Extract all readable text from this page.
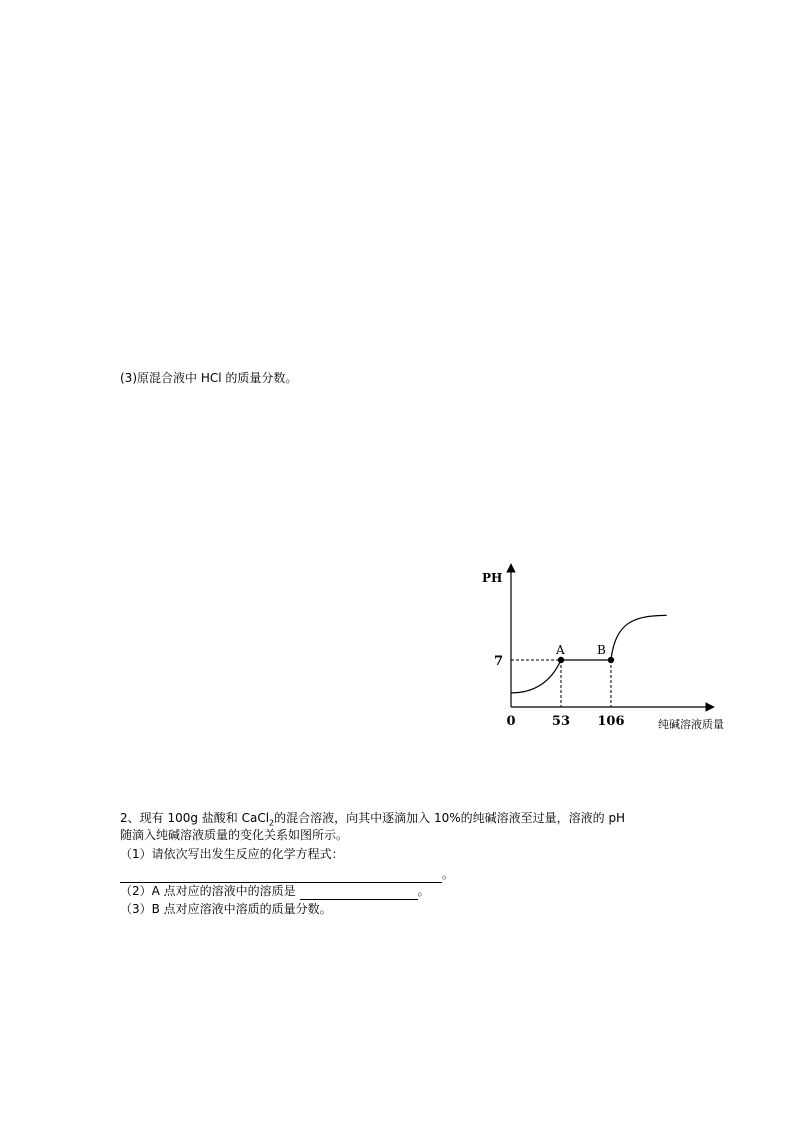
(3)原混合液中 HCl 的质量分数。
2、现有 100g 盐酸和 CaCl$_2$的混合溶液，向其中逐滴加入 10%的纯碱溶液至过量，溶液的 pH
随滴入纯碱溶液质量的变化关系如图所示。
（1）请依次写出发生反应的化学方程式：
。
（2）A 点对应的溶液中的溶质是	。
（3）B 点对应溶液中溶质的质量分数。
PH
纯碱溶液质量
A	B
7
0	53 106
